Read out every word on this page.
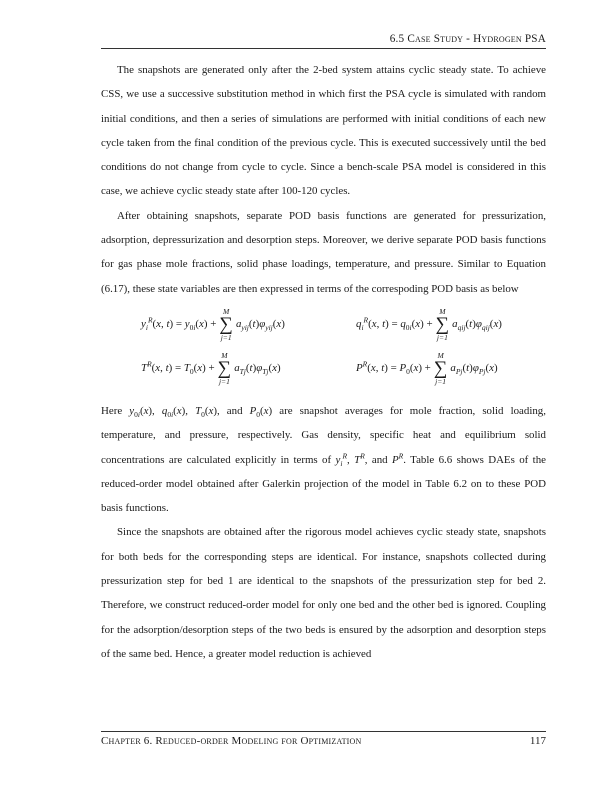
6.5 Case Study - Hydrogen PSA

The snapshots are generated only after the 2-bed system attains cyclic steady state. To achieve CSS, we use a successive substitution method in which first the PSA cycle is simulated with random initial conditions, and then a series of simulations are performed with initial conditions of each new cycle taken from the final condition of the previous cycle. This is executed successively until the bed conditions do not change from cycle to cycle. Since a bench-scale PSA model is considered in this case, we achieve cyclic steady state after 100-120 cycles.

After obtaining snapshots, separate POD basis functions are generated for pressurization, adsorption, depressurization and desorption steps. Moreover, we derive separate POD basis functions for gas phase mole fractions, solid phase loadings, temperature, and pressure. Similar to Equation (6.17), these state variables are then expressed in terms of the correspoding POD basis as below

$y_i^R(x$, $t) = y_{0i}(x)$ +
M
∑
j=1
$a_{yij}(t)\varphi_{yij}(x)$	$q_i^R(x$, $t) = q_{0i}(x)$ +
M
∑
j=1
$a_{qij}(t)\varphi_{qij}(x)$
$T^R(x$, $t) = T_0(x)$ +
M
∑
j=1
$a_{Tj}(t)\varphi_{Tj}(x)$	$P^R(x$, $t) = P_0(x)$ +
M
∑
j=1
$a_{Pj}(t)\varphi_{Pj}(x)$

Here $y_{0i}(x)$, $q_{0i}(x)$, $T_0(x)$, and $P_0(x)$ are snapshot averages for mole fraction, solid loading, temperature, and pressure, respectively. Gas density, specific heat and equilibrium solid concentrations are calculated explicitly in terms of $y_i^R$, $T^R$, and $P^R$. Table 6.6 shows DAEs of the reduced-order model obtained after Galerkin projection of the model in Table 6.2 on to these POD basis functions.

Since the snapshots are obtained after the rigorous model achieves cyclic steady state, snapshots for both beds for the corresponding steps are identical. For instance, snapshots collected during pressurization step for bed 1 are identical to the snapshots of the pressurization step for bed 2. Therefore, we construct reduced-order model for only one bed and the other bed is ignored. Coupling for the adsorption/desorption steps of the two beds is ensured by the adsorption and desorption steps of the same bed. Hence, a greater model reduction is achieved

Chapter 6. Reduced-order Modeling for Optimization	117
